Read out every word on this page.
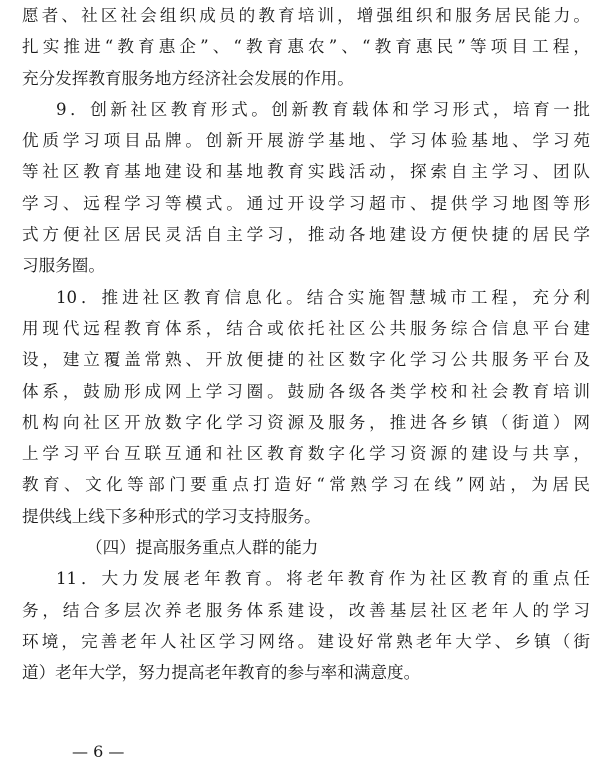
愿者、社区社会组织成员的教育培训，增强组织和服务居民能力。
扎实推进“教育惠企”、“教育惠农”、“教育惠民”等项目工程，
充分发挥教育服务地方经济社会发展的作用。
9．创新社区教育形式。创新教育载体和学习形式，培育一批
优质学习项目品牌。创新开展游学基地、学习体验基地、学习苑
等社区教育基地建设和基地教育实践活动，探索自主学习、团队
学习、远程学习等模式。通过开设学习超市、提供学习地图等形
式方便社区居民灵活自主学习，推动各地建设方便快捷的居民学
习服务圈。
10．推进社区教育信息化。结合实施智慧城市工程，充分利
用现代远程教育体系，结合或依托社区公共服务综合信息平台建
设，建立覆盖常熟、开放便捷的社区数字化学习公共服务平台及
体系，鼓励形成网上学习圈。鼓励各级各类学校和社会教育培训
机构向社区开放数字化学习资源及服务，推进各乡镇（街道）网
上学习平台互联互通和社区教育数字化学习资源的建设与共享，
教育、文化等部门要重点打造好“常熟学习在线”网站，为居民
提供线上线下多种形式的学习支持服务。
（四）提高服务重点人群的能力
11．大力发展老年教育。将老年教育作为社区教育的重点任
务，结合多层次养老服务体系建设，改善基层社区老年人的学习
环境，完善老年人社区学习网络。建设好常熟老年大学、乡镇（街
道）老年大学，努力提高老年教育的参与率和满意度。
— 6 —
